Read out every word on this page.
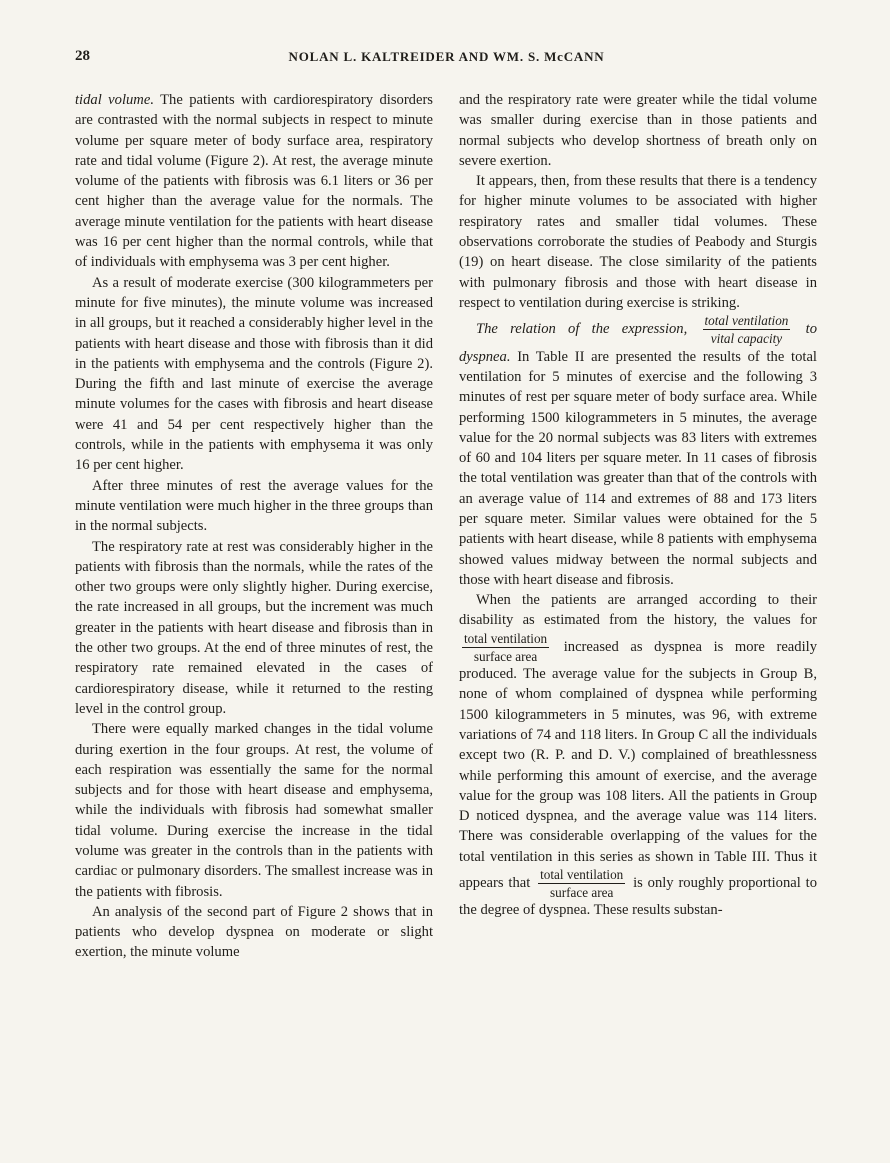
28	NOLAN L. KALTREIDER AND WM. S. McCANN

tidal volume. The patients with cardiorespiratory disorders are contrasted with the normal subjects in respect to minute volume per square meter of body surface area, respiratory rate and tidal volume (Figure 2). At rest, the average minute volume of the patients with fibrosis was 6.1 liters or 36 per cent higher than the average value for the normals. The average minute ventilation for the patients with heart disease was 16 per cent higher than the normal controls, while that of individuals with emphysema was 3 per cent higher.

As a result of moderate exercise (300 kilogrammeters per minute for five minutes), the minute volume was increased in all groups, but it reached a considerably higher level in the patients with heart disease and those with fibrosis than it did in the patients with emphysema and the controls (Figure 2). During the fifth and last minute of exercise the average minute volumes for the cases with fibrosis and heart disease were 41 and 54 per cent respectively higher than the controls, while in the patients with emphysema it was only 16 per cent higher.

After three minutes of rest the average values for the minute ventilation were much higher in the three groups than in the normal subjects.

The respiratory rate at rest was considerably higher in the patients with fibrosis than the normals, while the rates of the other two groups were only slightly higher. During exercise, the rate increased in all groups, but the increment was much greater in the patients with heart disease and fibrosis than in the other two groups. At the end of three minutes of rest, the respiratory rate remained elevated in the cases of cardiorespiratory disease, while it returned to the resting level in the control group.

There were equally marked changes in the tidal volume during exertion in the four groups. At rest, the volume of each respiration was essentially the same for the normal subjects and for those with heart disease and emphysema, while the individuals with fibrosis had somewhat smaller tidal volume. During exercise the increase in the tidal volume was greater in the controls than in the patients with cardiac or pulmonary disorders. The smallest increase was in the patients with fibrosis.

An analysis of the second part of Figure 2 shows that in patients who develop dyspnea on moderate or slight exertion, the minute volume

and the respiratory rate were greater while the tidal volume was smaller during exercise than in those patients and normal subjects who develop shortness of breath only on severe exertion.

It appears, then, from these results that there is a tendency for higher minute volumes to be associated with higher respiratory rates and smaller tidal volumes. These observations corroborate the studies of Peabody and Sturgis (19) on heart disease. The close similarity of the patients with pulmonary fibrosis and those with heart disease in respect to ventilation during exercise is striking.

The relation of the expression, $\frac{\text{total ventilation}}{\text{vital capacity}}$ to dyspnea. In Table II are presented the results of the total ventilation for 5 minutes of exercise and the following 3 minutes of rest per square meter of body surface area. While performing 1500 kilogrammeters in 5 minutes, the average value for the 20 normal subjects was 83 liters with extremes of 60 and 104 liters per square meter. In 11 cases of fibrosis the total ventilation was greater than that of the controls with an average value of 114 and extremes of 88 and 173 liters per square meter. Similar values were obtained for the 5 patients with heart disease, while 8 patients with emphysema showed values midway between the normal subjects and those with heart disease and fibrosis.

When the patients are arranged according to their disability as estimated from the history, the values for
$\frac{\text{total ventilation}}{\text{surface area}}$ increased as dyspnea is more readily produced. The average value for the subjects in Group B, none of whom complained of dyspnea while performing 1500 kilogrammeters in 5 minutes, was 96, with extreme variations of 74 and 118 liters. In Group C all the individuals except two (R. P. and D. V.) complained of breathlessness while performing this amount of exercise, and the average value for the group was 108 liters. All the patients in Group D noticed dyspnea, and the average value was 114 liters. There was considerable overlapping of the values for the total ventilation in this series as shown in Table III. Thus it appears that $\frac{\text{total ventilation}}{\text{surface area}}$ is only roughly proportional to the degree of dyspnea. These results substan-
